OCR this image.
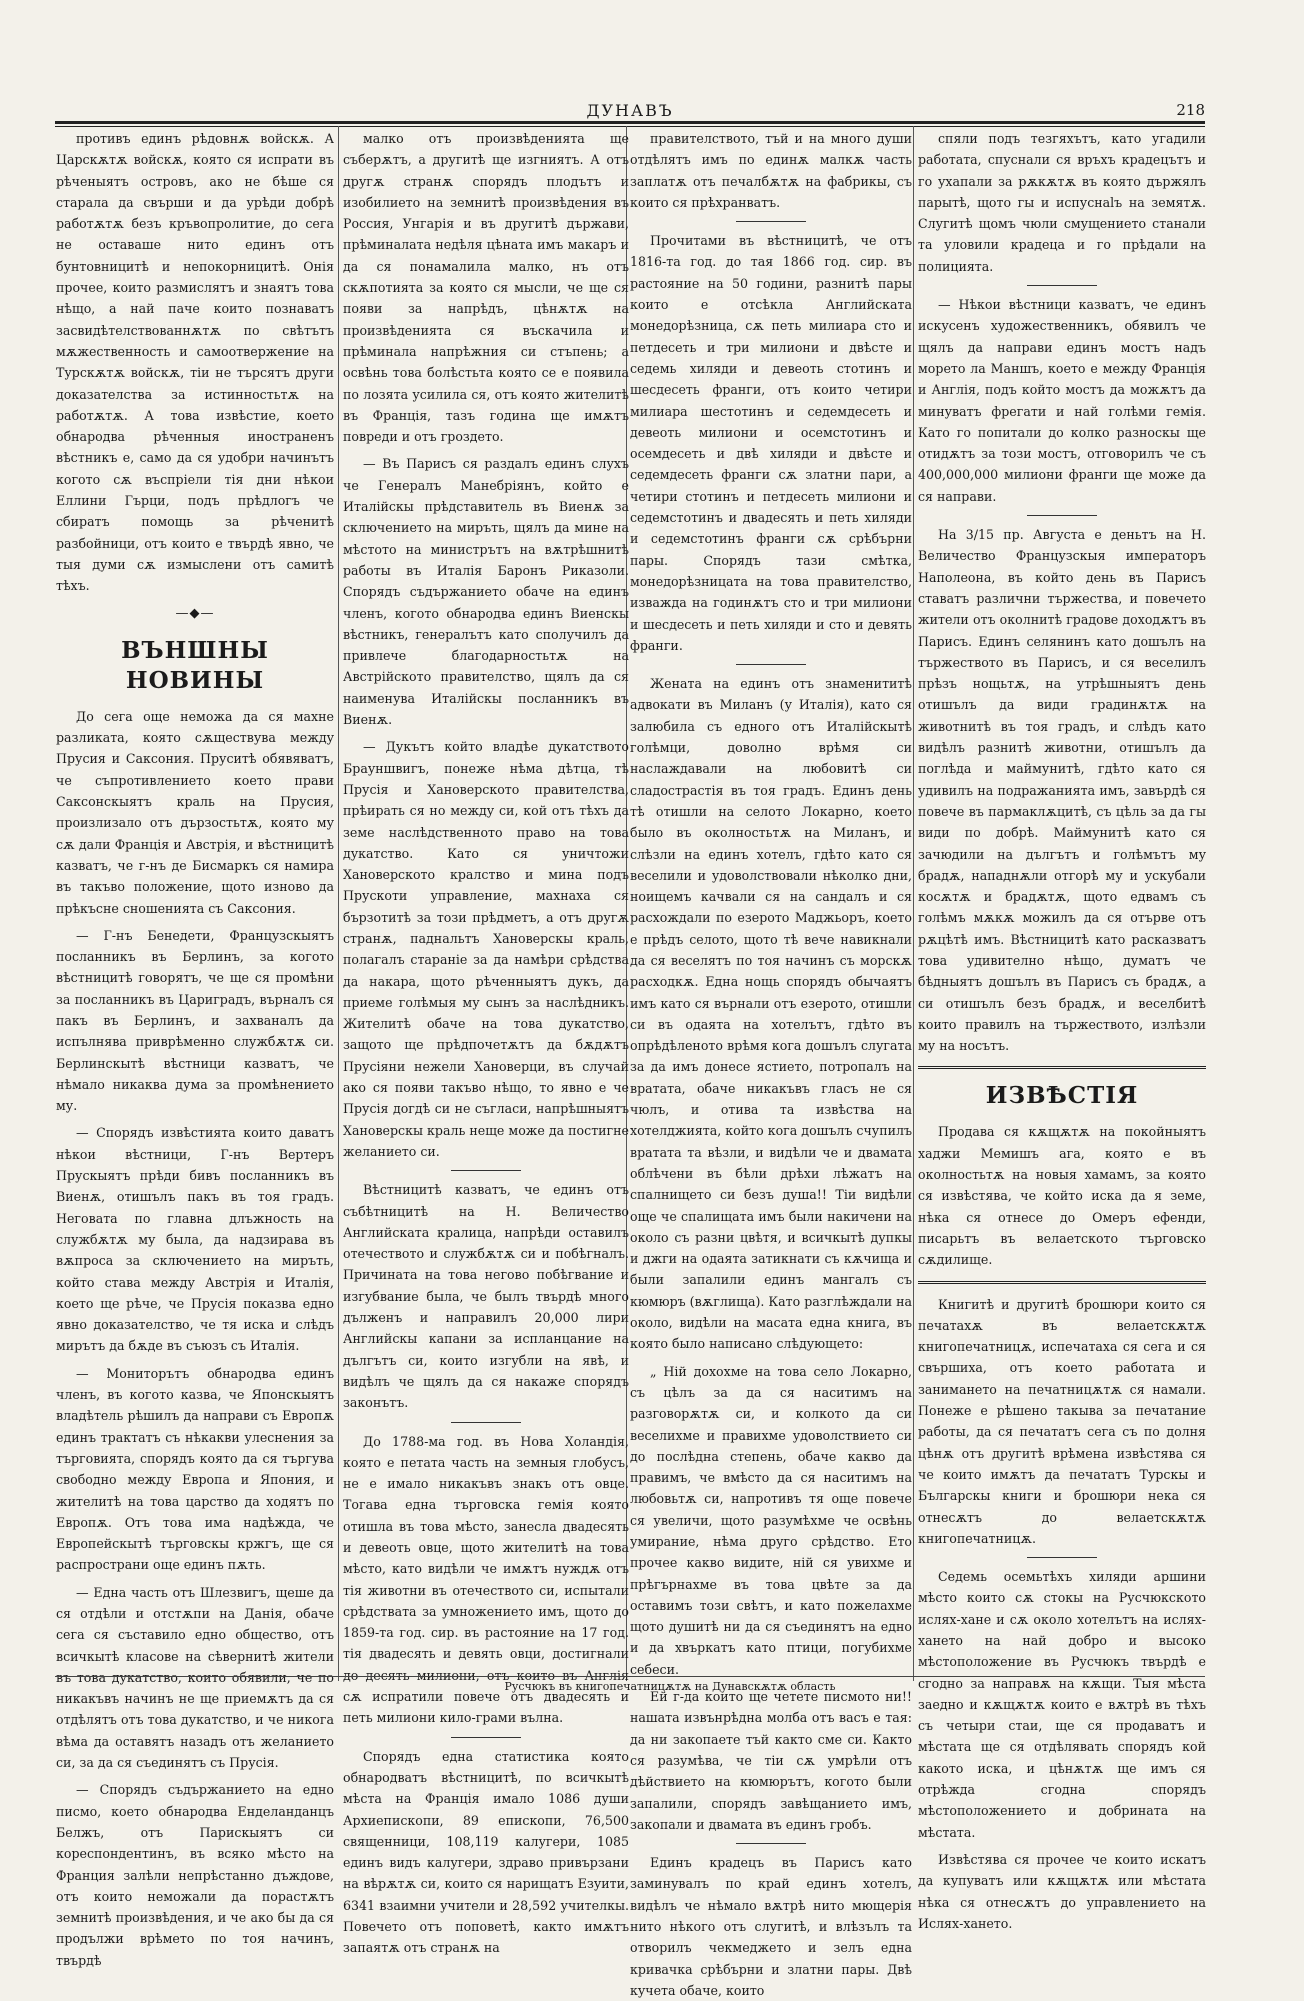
ДУНАВЪ	218

противъ единъ рѣдовнѫ войскѫ. А Царскѫтѫ войскѫ, която ся испрати въ рѣченыятъ островъ, ако не бѣше ся старала да свърши и да урѣди добрѣ работѫтѫ безъ кръвопролитие, до сега не оставаше нито единъ отъ бунтовницитѣ и непокорницитѣ. Онія прочее, които размислятъ и знаятъ това нѣщо, а най паче които познаватъ засвидѣтелствованнѫтѫ по свѣтътъ мѫжественность и самоотвержение на Турскѫтѫ войскѫ, тіи не търсятъ други доказателства за истинностьтѫ на работѫтѫ. А това извѣстие, което обнародва рѣченныя иностраненъ вѣстникъ е, само да ся удобри начинътъ когото сѫ въспріели тія дни нѣкои Еллини Гърци, подъ прѣдлогъ че сбиратъ помощь за рѣченитѣ разбойници, отъ които е твърдѣ явно, че тыя думи сѫ измыслени отъ самитѣ тѣхъ.

—◆—
ВЪНШНЫ НОВИНЫ

До сега още неможа да ся махне разликата, която сѫществува между Прусия и Саксония. Пруситѣ обявяватъ, че съпротивлението което прави Саксонскыятъ краль на Прусия, произлизало отъ дързостьтѫ, която му сѫ дали Франція и Австрія, и вѣстницитѣ казватъ, че г-нъ де Бисмаркъ ся намира въ такъво положение, щото изново да прѣкъсне сношенията съ Саксония.

— Г-нъ Бенедети, Французскыятъ посланникъ въ Берлинъ, за когото вѣстницитѣ говорятъ, че ще ся промѣни за посланникъ въ Цариградъ, върналъ ся пакъ въ Берлинъ, и захваналъ да испълнява приврѣменно службѫтѫ си. Берлинскытѣ вѣстници казватъ, че нѣмало никаква дума за промѣнението му.

— Спорядъ извѣстията които даватъ нѣкои вѣстници, Г-нъ Вертеръ Прускыятъ прѣди бивъ посланникъ въ Виенѫ, отишълъ пакъ въ тоя градъ. Неговата по главна длъжность на службѫтѫ му была, да надзирава въ вѫпроса за сключението на миръть, който става между Австрія и Италія, което ще рѣче, че Прусія показва едно явно доказателство, че тя иска и слѣдъ мирътъ да бѫде въ съюзъ съ Италія.

— Мониторътъ обнародва единъ членъ, въ когото казва, че Японскыятъ владѣтель рѣшилъ да направи съ Европѫ единъ трактатъ съ нѣкакви улеснения за търговията, спорядъ която да ся търгува свободно между Европа и Япония, и жителитѣ на това царство да ходятъ по Европѫ. Отъ това има надѣжда, че Европейскытѣ търговскы кржгъ, ще ся распространи още единъ пѫть.

— Една часть отъ Шлезвигъ, щеше да ся отдѣли и отстѫпи на Данія, обаче сега ся съставило едно общество, отъ всичкытѣ класове на сѣвернитѣ жители въ това дукатство, които обявили, че по никакъвъ начинъ не ще приемѫтъ да ся отдѣлятъ отъ това дукатство, и че никога вѣма да оставятъ назадъ отъ желанието си, за да ся съединятъ съ Прусія.

— Спорядъ съдържанието на едно писмо, което обнародва Енделанданцъ Белжъ, отъ Парискыятъ си кореспондентинъ, въ всяко мѣсто на Франция залѣли непрѣстанно дъждове, отъ които неможали да порастѫтъ земнитѣ произвѣдения, и че ако бы да ся продължи врѣмето по тоя начинъ, твърдѣ

малко отъ произвѣденията ще съберѫтъ, а другитѣ ще изгниятъ. А отъ другѫ странѫ спорядъ плодътъ и изобилието на земнитѣ произвѣдения въ Россия, Унгарія и въ другитѣ държави, прѣминалата недѣля цѣната имъ макаръ и да ся понамалила малко, нъ отъ скѫпотията за която ся мысли, че ще ся появи за напрѣдъ, цѣнѫтѫ на произвѣденията ся въскачила и прѣминала напрѣжния си стъпень; а освѣнь това болѣстьта която се е появила по лозята усилила ся, отъ която жителитѣ въ Франція, тазъ година ще имѫтъ повреди и отъ гроздето.

— Въ Парисъ ся раздалъ единъ слухъ че Генералъ Манебріянъ, който е Италійскы прѣдставитель въ Виенѫ за сключението на миръть, щялъ да мине на мѣстото на министрътъ на вѫтрѣшнитѣ работы въ Италія Баронъ Риказоли. Спорядъ съдържанието обаче на единъ членъ, когото обнародва единъ Виенскы вѣстникъ, генералътъ като сполучилъ да привлече благодарностьтѫ на Австрійското правителство, щялъ да ся наименува Италійскы посланникъ въ Виенѫ.

— Дукътъ който владѣе дукатството Брауншвигъ, понеже нѣма дѣтца, тѣ Прусія и Хановерското правителства, прѣирать ся но между си, кой отъ тѣхъ да земе наслѣдственното право на това дукатство. Като ся уничтожи Хановерското кралство и мина подъ Прускоти управление, махнаха ся бързотитѣ за този прѣдметъ, а отъ другѫ странѫ, паднальтъ Хановерскы краль, полагалъ стараніе за да намѣри срѣдства да накара, щото рѣченныятъ дукъ, да приеме голѣмыя му сынъ за наслѣдникъ. Жителитѣ обаче на това дукатство, защото ще прѣдпочетѫтъ да бѫдѫтъ Прусіяни нежели Хановерци, въ случай ако ся появи такъво нѣщо, то явно е че Прусія догдѣ си не съгласи, напрѣшныятъ Хановерскы краль неще може да постигне желанието си.

Вѣстницитѣ казватъ, че единъ отъ събѣтницитѣ на Н. Величество Английската кралица, напрѣди оставилъ отечеството и службѫтѫ си и побѣгналъ. Причината на това негово побѣгвание и изгубвание была, че былъ твърдѣ много дълженъ и направилъ 20,000 лири Английскы капани за испланцание на дългътъ си, които изгубли на явѣ, и видѣлъ че щялъ да ся накаже спорядъ законътъ.

До 1788-ма год. въ Нова Холандія, която е петата часть на земныя глобусъ, не е имало никакъвъ знакъ отъ овце. Тогава една търговска гемія която отишла въ това мѣсто, занесла двадесять и девеоть овце, щото жителитѣ на това мѣсто, като видѣли че имѫтъ нуждѫ отъ тія животни въ отечеството си, испытали срѣдствата за умножението имъ, щото до 1859-та год. сир. въ растояние на 17 год. тія двадесять и девять овци, достигнали до десять милиони, отъ които въ Англія сѫ испратили повече отъ двадесять и петь милиони кило-грами вълна.

Спорядъ една статистика която обнародватъ вѣстницитѣ, по всичкытѣ мѣста на Франція имало 1086 души Архиепископи, 89 епископи, 76,500 священници, 108,119 калугери, 1085 единъ видъ калугери, здраво привързани на вѣрѫтѫ си, които ся нарищатъ Езуити, 6341 взаимни учители и 28,592 учителкы. Повечето отъ поповетѣ, както имѫтъ запаятѫ отъ странѫ на

правителството, тъй и на много души отдѣлятъ имъ по единѫ малкѫ часть заплатѫ отъ печалбѫтѫ на фабрикы, съ които ся прѣхранватъ.

Прочитами въ вѣстницитѣ, че отъ 1816-та год. до тая 1866 год. сир. въ растояние на 50 години, разнитѣ пары които е отсѣкла Английската монедорѣзница, сѫ петь милиара сто и петдесеть и три милиони и двѣсте и седемь хиляди и девеоть стотинъ и шесдесеть франги, отъ които четири милиара шестотинъ и седемдесеть и девеоть милиони и осемстотинъ и осемдесеть и двѣ хиляди и двѣсте и седемдесеть франги сѫ златни пари, а четири стотинъ и петдесеть милиони и седемстотинъ и двадесять и петь хиляди и седемстотинъ франги сѫ срѣбърни пары. Спорядъ тази смѣтка, монедорѣзницата на това правителство, изважда на годинѫтъ сто и три милиони и шесдесеть и петь хиляди и сто и девять франги.

Жената на единъ отъ знаменититѣ адвокати въ Миланъ (у Италія), като ся залюбила съ едного отъ Италійскытѣ голѣмци, доволно врѣмя си наслаждавали на любовитѣ си сладострастія въ тоя градъ. Единъ день тѣ отишли на селото Локарно, което было въ околностьтѫ на Миланъ, и слѣзли на единъ хотелъ, гдѣто като ся веселили и удоволствовали нѣколко дни, ноищемъ качвали ся на сандалъ и ся расхождали по езерото Маджьоръ, което е прѣдъ селото, щото тѣ вече навикнали да ся веселятъ по тоя начинъ съ морскѫ расходкѫ. Една нощь спорядъ обычаятъ имъ като ся върнали отъ езерото, отишли си въ одаята на хотелътъ, гдѣто въ опрѣдѣленото врѣмя кога дошълъ слугата за да имъ донесе ястието, потропалъ на вратата, обаче никакъвъ гласъ не ся чюлъ, и отива та извѣствa на хотелджията, който кога дошълъ счупилъ вратата та вѣзли, и видѣли че и двамата облѣчени въ бѣли дрѣхи лѣжатъ на спалнището си безъ душа!! Тіи видѣли още че спалищата имъ были накичени на около съ разни цвѣтя, и всичкытѣ дупкы и джги на одаята затикнати съ кѫчища и были запалили единъ мангалъ съ кюмюръ (вѫглища). Като разглѣждали на около, видѣли на масата една книга, въ която было написано слѣдующето:

„ Ній дохохме на това село Локарно, съ цѣлъ за да ся наситимъ на разговорѫтѫ си, и колкото да си веселихме и правихме удоволствието си до послѣдна степень, обаче какво да правимъ, че вмѣсто да ся наситимъ на любовьтѫ си, напротивъ тя още повече ся увеличи, щото разумѣхме че освѣнь умирание, нѣма друго срѣдство. Ето прочее какво видите, ній ся увихме и прѣгърнахме въ това цвѣте за да оставимъ този свѣтъ, и като пожелахме щото душитѣ ни да ся съединятъ на едно и да хвъркатъ като птици, погубихме себеси.

Ей г-да които ще четете писмото ни!! нашата извънрѣдна молба отъ васъ е тая: да ни закопаете тъй както сме си. Както ся разумѣва, че тіи сѫ умрѣли отъ дѣйствието на кюмюрътъ, когото были запалили, спорядъ завѣщанието имъ, закопали и двамата въ единъ гробъ.

Единъ крадецъ въ Парисъ като заминувалъ по край единъ хотелъ, видѣлъ че нѣмало вѫтрѣ нито мющерія нито нѣкого отъ слугитѣ, и влѣзълъ та отворилъ чекмеджето и зелъ една кривачка срѣбърни и златни пары. Двѣ кучета обаче, които

спяли подъ тезгяхътъ, като угадили работата, спуснали ся връхъ крадецътъ и го ухапали за рѫкѫтѫ въ която държялъ парытѣ, щото гы и испуснalъ на земятѫ. Слугитѣ щомъ чюли смущението станали та уловили крадеца и го прѣдали на полицията.

— Нѣкои вѣстници казватъ, че единъ искусенъ художественникъ, обявилъ че щялъ да направи единъ мостъ надъ морето ла Маншъ, което е между Франція и Англія, подъ който мостъ да можѫтъ да минуватъ фрегати и най голѣми гемія. Като го попитали до колко разноскы ще отидѫтъ за този мостъ, отговорилъ че съ 400,000,000 милиони франги ще може да ся направи.

На 3/15 пр. Августа е деньтъ на Н. Величество Французскыя императоръ Наполеона, въ който день въ Парисъ ставатъ различни тържества, и повечето жители отъ околнитѣ градове доходѫтъ въ Парисъ. Единъ селянинъ като дошълъ на тържеството въ Парисъ, и ся веселилъ прѣзъ нощьтѫ, на утрѣшныятъ день отишълъ да види градинѫтѫ на животнитѣ въ тоя градъ, и слѣдъ като видѣлъ разнитѣ животни, отишълъ да поглѣда и маймунитѣ, гдѣто като ся удивилъ на подражанията имъ, завърдѣ ся повече въ пармаклѫцитѣ, съ цѣль за да гы види по добрѣ. Маймунитѣ като ся зачюдили на дългътъ и голѣмътъ му брадѫ, нападнѫли отгорѣ му и ускубали косѫтѫ и брадѫтѫ, щото едвамъ съ голѣмъ мѫкѫ можилъ да ся отърве отъ рѫцѣтѣ имъ. Вѣстницитѣ като расказватъ това удивително нѣщо, думатъ че бѣдныятъ дошълъ въ Парисъ съ брадѫ, а си отишълъ безъ брадѫ, и веселбитѣ които правилъ на тържеството, излѣзли му на носътъ.

ИЗВѢСТІЯ

Продава ся кѫщѫтѫ на покойныятъ хаджи Мемишъ ага, която е въ околностьтѫ на новыя хамамъ, за която ся извѣстява, че който иска да я земе, нѣка ся отнесе до Омеръ ефенди, писарьтъ въ велаетското търговско сѫдилище.

Книгитѣ и другитѣ брошюри които ся печатахѫ въ велаетскѫтѫ книгопечатницѫ, испечатаха ся сега и ся свършиха, отъ което работата и занимането на печатницѫтѫ ся намали. Понеже е рѣшено такыва за печатание работы, да ся печататъ сега съ по долня цѣнѫ отъ другитѣ врѣмена извѣстява ся че които имѫтъ да печататъ Турскы и Българскы книги и брошюри нека ся отнесѫтъ до велаетскѫтѫ книгопечатницѫ.

Седемь осемьтѣхъ хиляди аршини мѣсто които сѫ стокы на Русчюкското ислях-хане и сѫ около хотелътъ на ислях-хането на най добро и высоко мѣстоположение въ Русчюкъ твърдѣ е сгодно за направѫ на кѫщи. Тыя мѣста заедно и кѫщѫтѫ които е вѫтрѣ въ тѣхъ съ четыри стаи, ще ся продаватъ и мѣстата ще ся отдѣлявать спорядъ кой какото иска, и цѣнѫтѫ ще имъ ся отрѣжда сгодна спорядъ мѣстоположението и добрината на мѣстата.

Извѣстява ся прочее че които искатъ да купуватъ или кѫщѫтѫ или мѣстата нѣка ся отнесѫтъ до управлението на Ислях-хането.

Русчюкъ въ книгопечатницѫтѫ на Дунавскѫтѫ область
